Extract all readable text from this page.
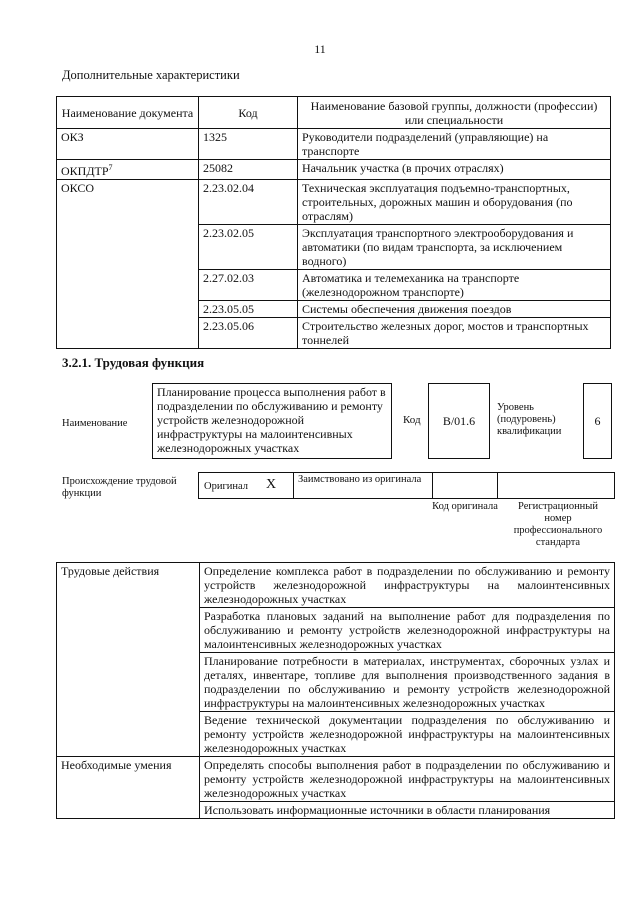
11
Дополнительные характеристики
Наименование документа	Код	Наименование базовой группы, должности (профессии) или специальности
ОКЗ	1325	Руководители подразделений (управляющие) на транспорте
ОКПДТР$^7$	25082	Начальник участка (в прочих отраслях)
ОКСО	2.23.02.04	Техническая эксплуатация подъемно-транспортных, строительных, дорожных машин и оборудования (по отраслям)
	2.23.02.05	Эксплуатация транспортного электрооборудования и автоматики (по видам транспорта, за исключением водного)
	2.27.02.03	Автоматика и телемеханика на транспорте (железнодорожном транспорте)
	2.23.05.05	Системы обеспечения движения поездов
	2.23.05.06	Строительство железных дорог, мостов и транспортных тоннелей
3.2.1. Трудовая функция
Наименование
Планирование процесса выполнения работ в подразделении по обслуживанию и ремонту устройств железнодорожной инфраструктуры на малоинтенсивных железнодорожных участках
Код	В/01.6
Уровень (подуровень) квалификации
6
Происхождение трудовой функции
Оригинал X	Заимствовано из оригинала
Код оригинала	Регистрационный номер профессионального стандарта
Трудовые действия	Определение комплекса работ в подразделении по обслуживанию и ремонту устройств железнодорожной инфраструктуры на малоинтенсивных железнодорожных участках
	Разработка плановых заданий на выполнение работ для подразделения по обслуживанию и ремонту устройств железнодорожной инфраструктуры на малоинтенсивных железнодорожных участках
	Планирование потребности в материалах, инструментах, сборочных узлах и деталях, инвентаре, топливе для выполнения производственного задания в подразделении по обслуживанию и ремонту устройств железнодорожной инфраструктуры на малоинтенсивных железнодорожных участках
	Ведение технической документации подразделения по обслуживанию и ремонту устройств железнодорожной инфраструктуры на малоинтенсивных железнодорожных участках
Необходимые умения	Определять способы выполнения работ в подразделении по обслуживанию и ремонту устройств железнодорожной инфраструктуры на малоинтенсивных железнодорожных участках
	Использовать информационные источники в области планирования
